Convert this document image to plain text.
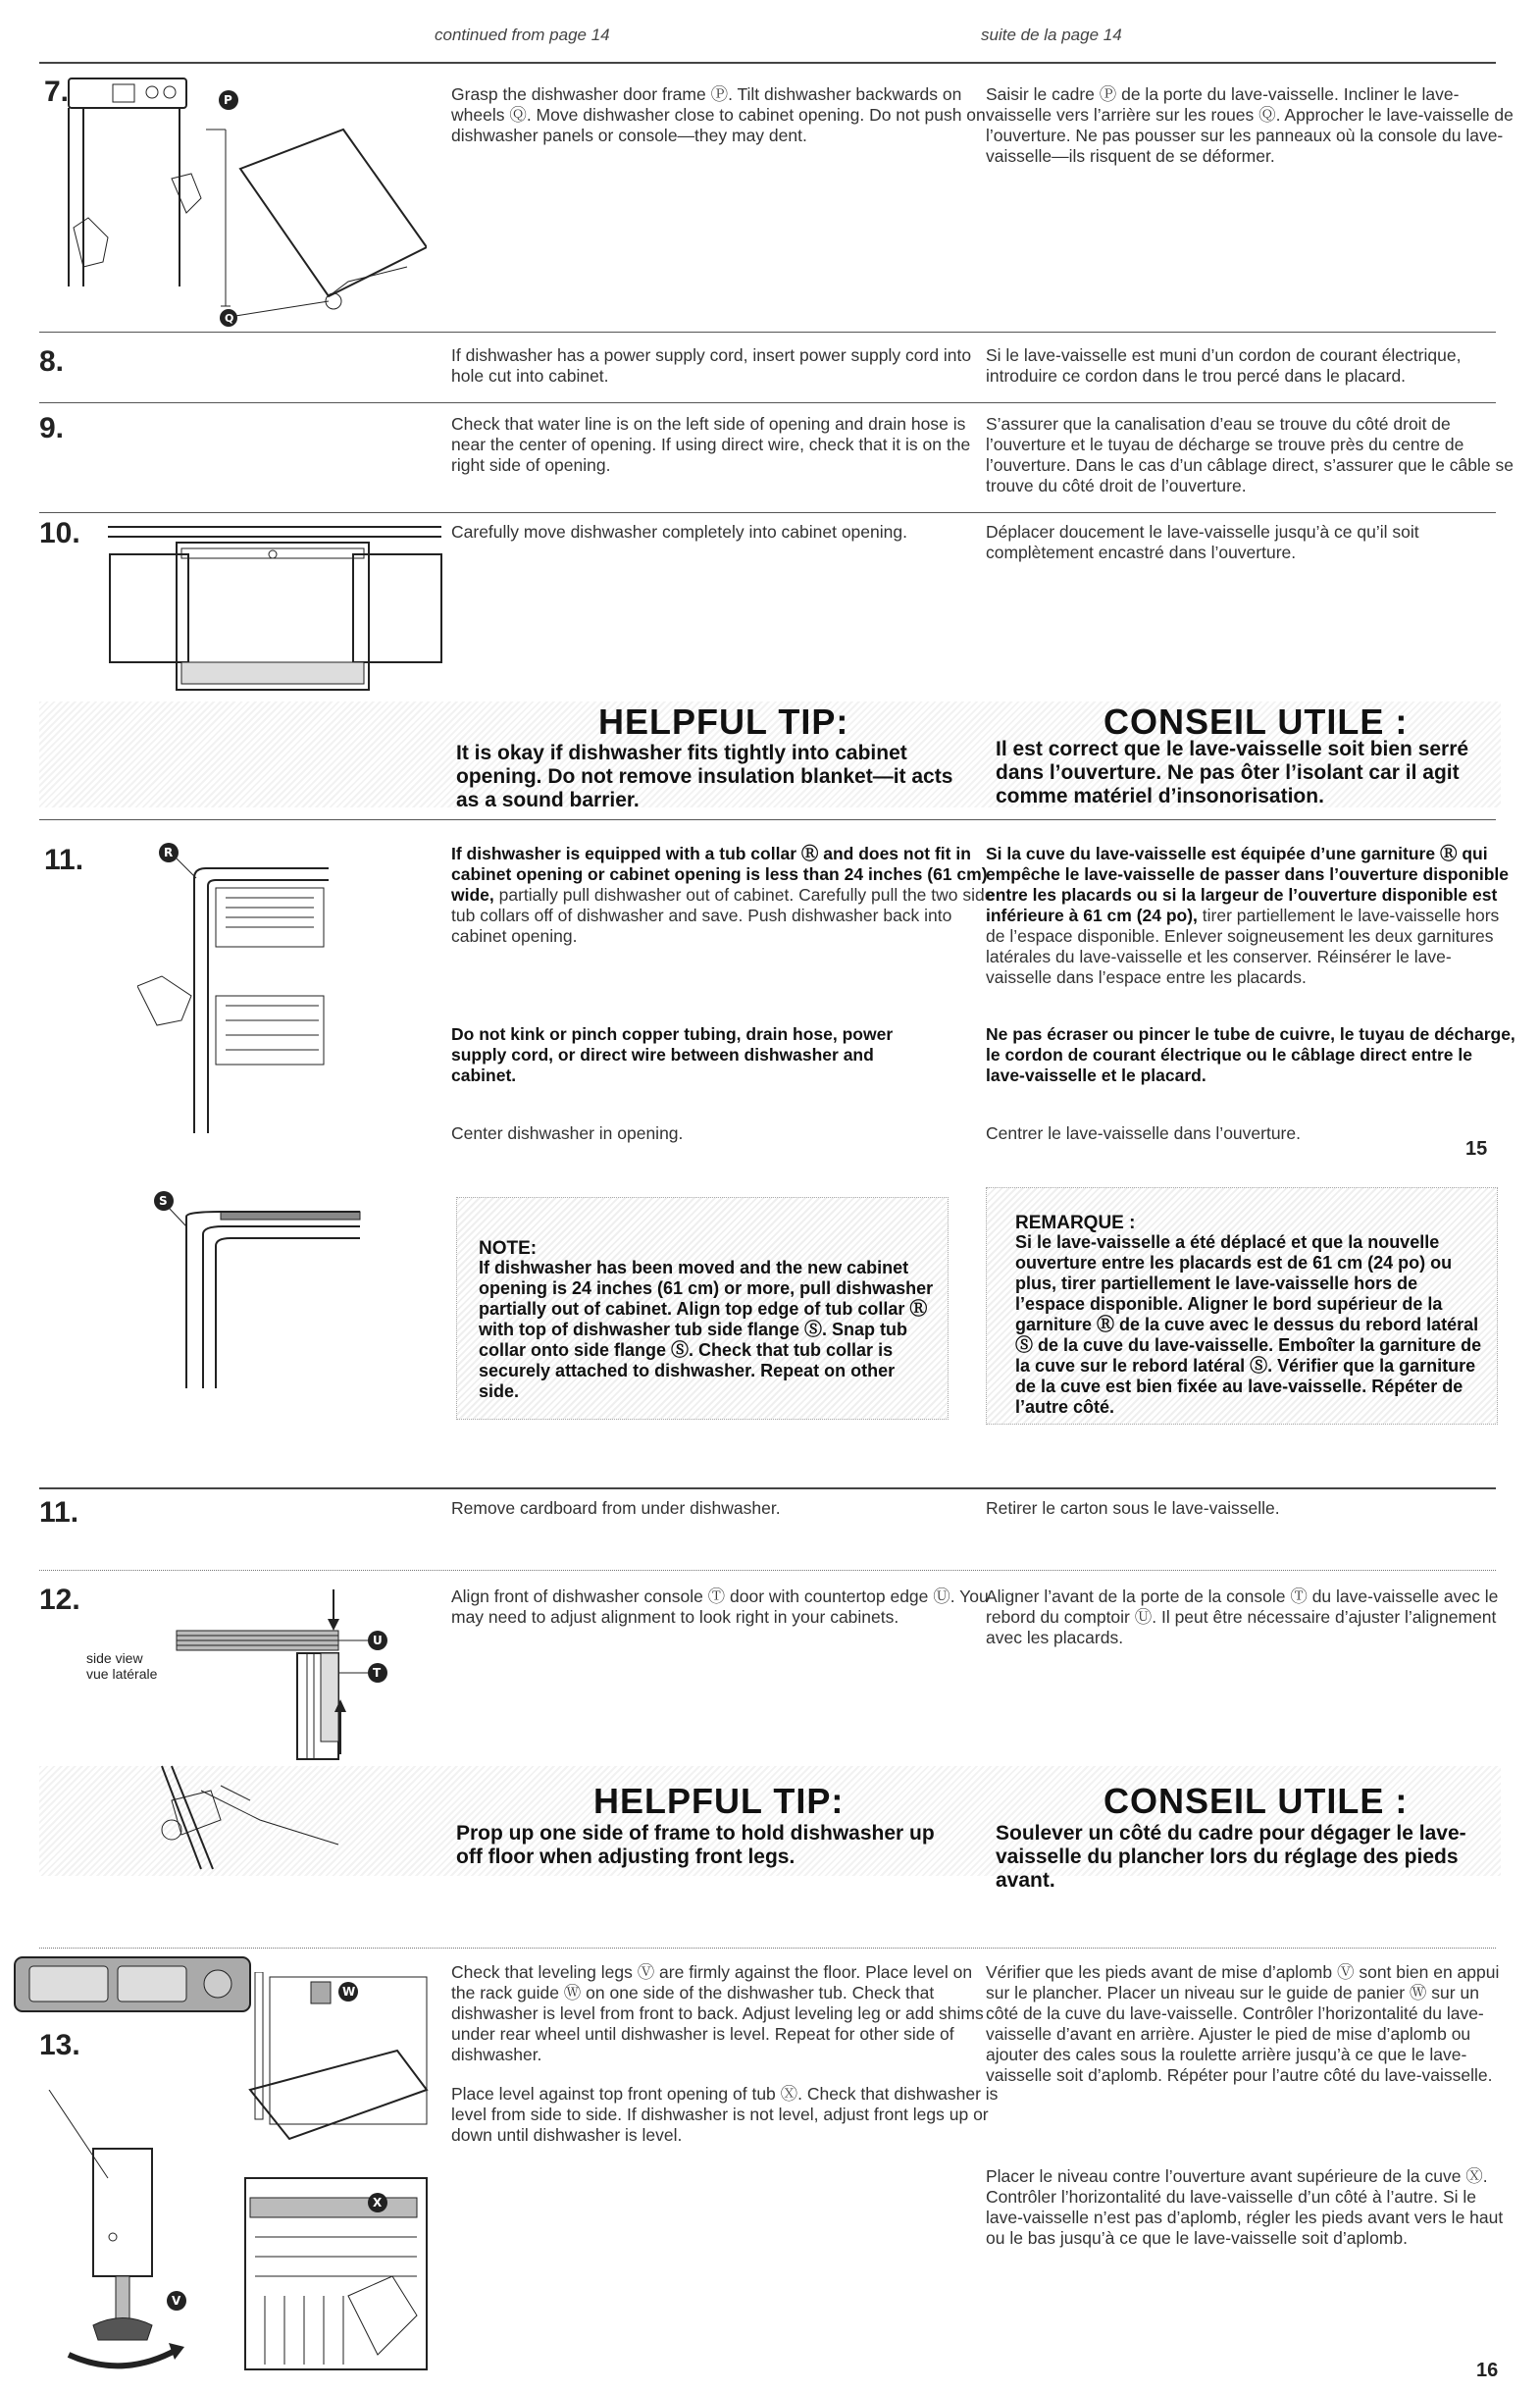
continued from page 14	suite de la page 14
7.
Q
P	Grasp the dishwasher door frame Ⓟ. Tilt dishwasher backwards on wheels Ⓠ. Move dishwasher close to cabinet opening. Do not push on dishwasher panels or console—they may dent.
Saisir le cadre Ⓟ de la porte du lave-vaisselle. Incliner le lave-vaisselle vers l’arrière sur les roues Ⓠ. Approcher le lave-vaisselle de l’ouverture. Ne pas pousser sur les panneaux où la console du lave-vaisselle—ils risquent de se déformer.
8.	If dishwasher has a power supply cord, insert power supply cord into hole cut into cabinet.
Si le lave-vaisselle est muni d’un cordon de courant électrique, introduire ce cordon dans le trou percé dans le placard.
9.	Check that water line is on the left side of opening and drain hose is near the center of opening. If using direct wire, check that it is on the right side of opening.
S’assurer que la canalisation d’eau se trouve du côté droit de l’ouverture et le tuyau de décharge se trouve près du centre de l’ouverture. Dans le cas d’un câblage direct, s’assurer que le câble se trouve du côté droit de l’ouverture.
10.	Carefully move dishwasher completely into cabinet opening.	Déplacer doucement le lave-vaisselle jusqu’à ce qu’il soit complètement encastré dans l’ouverture.
HELPFUL TIP:
It is okay if dishwasher fits tightly into cabinet opening. Do not remove insulation blanket—it acts as a sound barrier.
CONSEIL UTILE :
Il est correct que le lave-vaisselle soit bien serré dans l’ouverture. Ne pas ôter l’isolant car il agit comme matériel d’insonorisation.
11.	R	If dishwasher is equipped with a tub collar Ⓡ and does not fit in cabinet opening or cabinet opening is less than 24 inches (61 cm) wide, partially pull dishwasher out of cabinet. Carefully pull the two side tub collars off of dishwasher and save. Push dishwasher back into cabinet opening.
Si la cuve du lave-vaisselle est équipée d’une garniture Ⓡ qui empêche le lave-vaisselle de passer dans l’ouverture disponible entre les placards ou si la largeur de l’ouverture disponible est inférieure à 61 cm (24 po), tirer partiellement le lave-vaisselle hors de l’espace disponible. Enlever soigneusement les deux garnitures latérales du lave-vaisselle et les conserver. Réinsérer le lave-vaisselle dans l’espace entre les placards.
Do not kink or pinch copper tubing, drain hose, power supply cord, or direct wire between dishwasher and cabinet.
Ne pas écraser ou pincer le tube de cuivre, le tuyau de décharge, le cordon de courant électrique ou le câblage direct entre le lave-vaisselle et le placard.
Center dishwasher in opening.	Centrer le lave-vaisselle dans l’ouverture.
15
S
NOTE:
If dishwasher has been moved and the new cabinet opening is 24 inches (61 cm) or more, pull dishwasher partially out of cabinet. Align top edge of tub collar Ⓡ with top of dishwasher tub side flange Ⓢ. Snap tub collar onto side flange Ⓢ. Check that tub collar is securely attached to dishwasher. Repeat on other side.
REMARQUE :
Si le lave-vaisselle a été déplacé et que la nouvelle ouverture entre les placards est de 61 cm (24 po) ou plus, tirer partiellement le lave-vaisselle hors de l’espace disponible. Aligner le bord supérieur de la garniture Ⓡ de la cuve avec le dessus du rebord latéral Ⓢ de la cuve du lave-vaisselle. Emboîter la garniture de la cuve sur le rebord latéral Ⓢ. Vérifier que la garniture de la cuve est bien fixée au lave-vaisselle. Répéter de l’autre côté.
11.	Remove cardboard from under dishwasher.	Retirer le carton sous le lave-vaisselle.
12.
side view
vue latérale
U
T
Align front of dishwasher console Ⓣ door with countertop edge Ⓤ. You may need to adjust alignment to look right in your cabinets.
Aligner l’avant de la porte de la console Ⓣ du lave-vaisselle avec le rebord du comptoir Ⓤ. Il peut être nécessaire d’ajuster l’alignement avec les placards.
HELPFUL TIP:
Prop up one side of frame to hold dishwasher up off floor when adjusting front legs.
CONSEIL UTILE :
Soulever un côté du cadre pour dégager le lave-vaisselle du plancher lors du réglage des pieds avant.
13.
V
W
X
Check that leveling legs Ⓥ are firmly against the floor. Place level on the rack guide Ⓦ on one side of the dishwasher tub. Check that dishwasher is level from front to back. Adjust leveling leg or add shims under rear wheel until dishwasher is level. Repeat for other side of dishwasher.
Place level against top front opening of tub Ⓧ. Check that dishwasher is level from side to side. If dishwasher is not level, adjust front legs up or down until dishwasher is level.
Vérifier que les pieds avant de mise d’aplomb Ⓥ sont bien en appui sur le plancher. Placer un niveau sur le guide de panier Ⓦ sur un côté de la cuve du lave-vaisselle. Contrôler l’horizontalité du lave-vaisselle d’avant en arrière. Ajuster le pied de mise d’aplomb ou ajouter des cales sous la roulette arrière jusqu’à ce que le lave-vaisselle soit d’aplomb. Répéter pour l’autre côté du lave-vaisselle.
Placer le niveau contre l’ouverture avant supérieure de la cuve Ⓧ. Contrôler l’horizontalité du lave-vaisselle d’un côté à l’autre. Si le lave-vaisselle n’est pas d’aplomb, régler les pieds avant vers le haut ou le bas jusqu’à ce que le lave-vaisselle soit d’aplomb.
16
